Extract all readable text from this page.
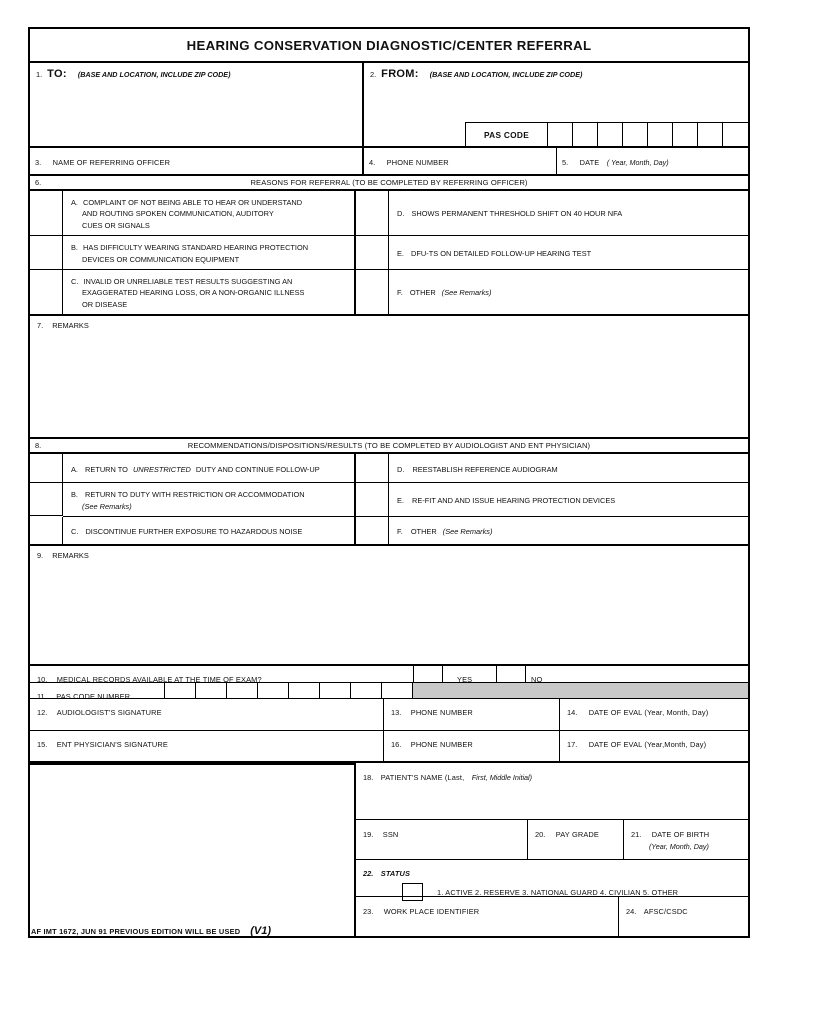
HEARING CONSERVATION DIAGNOSTIC/CENTER REFERRAL
1. TO: (BASE AND LOCATION, INCLUDE ZIP CODE)	2. FROM: (BASE AND LOCATION, INCLUDE ZIP CODE)
PAS CODE
3. NAME OF REFERRING OFFICER	4. PHONE NUMBER	5. DATE ( Year, Month, Day)
6.	REASONS FOR REFERRAL (TO BE COMPLETED BY REFERRING OFFICER)
A. COMPLAINT OF NOT BEING ABLE TO HEAR OR UNDERSTAND
AND ROUTING SPOKEN COMMUNICATION, AUDITORY
CUES OR SIGNALS
D. SHOWS PERMANENT THRESHOLD SHIFT ON 40 HOUR NFA
B. HAS DIFFICULTY WEARING STANDARD HEARING PROTECTION
DEVICES OR COMMUNICATION EQUIPMENT
E. DFU-TS ON DETAILED FOLLOW-UP HEARING TEST
C. INVALID OR UNRELIABLE TEST RESULTS SUGGESTING AN
EXAGGERATED HEARING LOSS, OR A NON-ORGANIC ILLNESS
OR DISEASE
F. OTHER (See Remarks)
7. REMARKS
8.	RECOMMENDATIONS/DISPOSITIONS/RESULTS (TO BE COMPLETED BY AUDIOLOGIST AND ENT PHYSICIAN)
A. RETURN TO UNRESTRICTED DUTY AND CONTINUE FOLLOW-UP	D. REESTABLISH REFERENCE AUDIOGRAM
B. RETURN TO DUTY WITH RESTRICTION OR ACCOMMODATION
(See Remarks)
E. RE-FIT AND AND ISSUE HEARING PROTECTION DEVICES
C. DISCONTINUE FURTHER EXPOSURE TO HAZARDOUS NOISE	F. OTHER (See Remarks)
9. REMARKS
10. MEDICAL RECORDS AVAILABLE AT THE TIME OF EXAM?	YES	NO
11. PAS CODE NUMBER
12. AUDIOLOGIST'S SIGNATURE	13. PHONE NUMBER	14. DATE OF EVAL (Year, Month, Day)
15. ENT PHYSICIAN'S SIGNATURE	16. PHONE NUMBER	17. DATE OF EVAL (Year,Month, Day)
18. PATIENT'S NAME (Last, First, Middle Initial)
19. SSN	20. PAY GRADE	21. DATE OF BIRTH
(Year, Month, Day)
22. STATUS
1. ACTIVE 2. RESERVE 3. NATIONAL GUARD 4. CIVILIAN 5. OTHER
23. WORK PLACE IDENTIFIER	24. AFSC/CSDC
AF IMT 1672, JUN 91 PREVIOUS EDITION WILL BE USED (V1)
